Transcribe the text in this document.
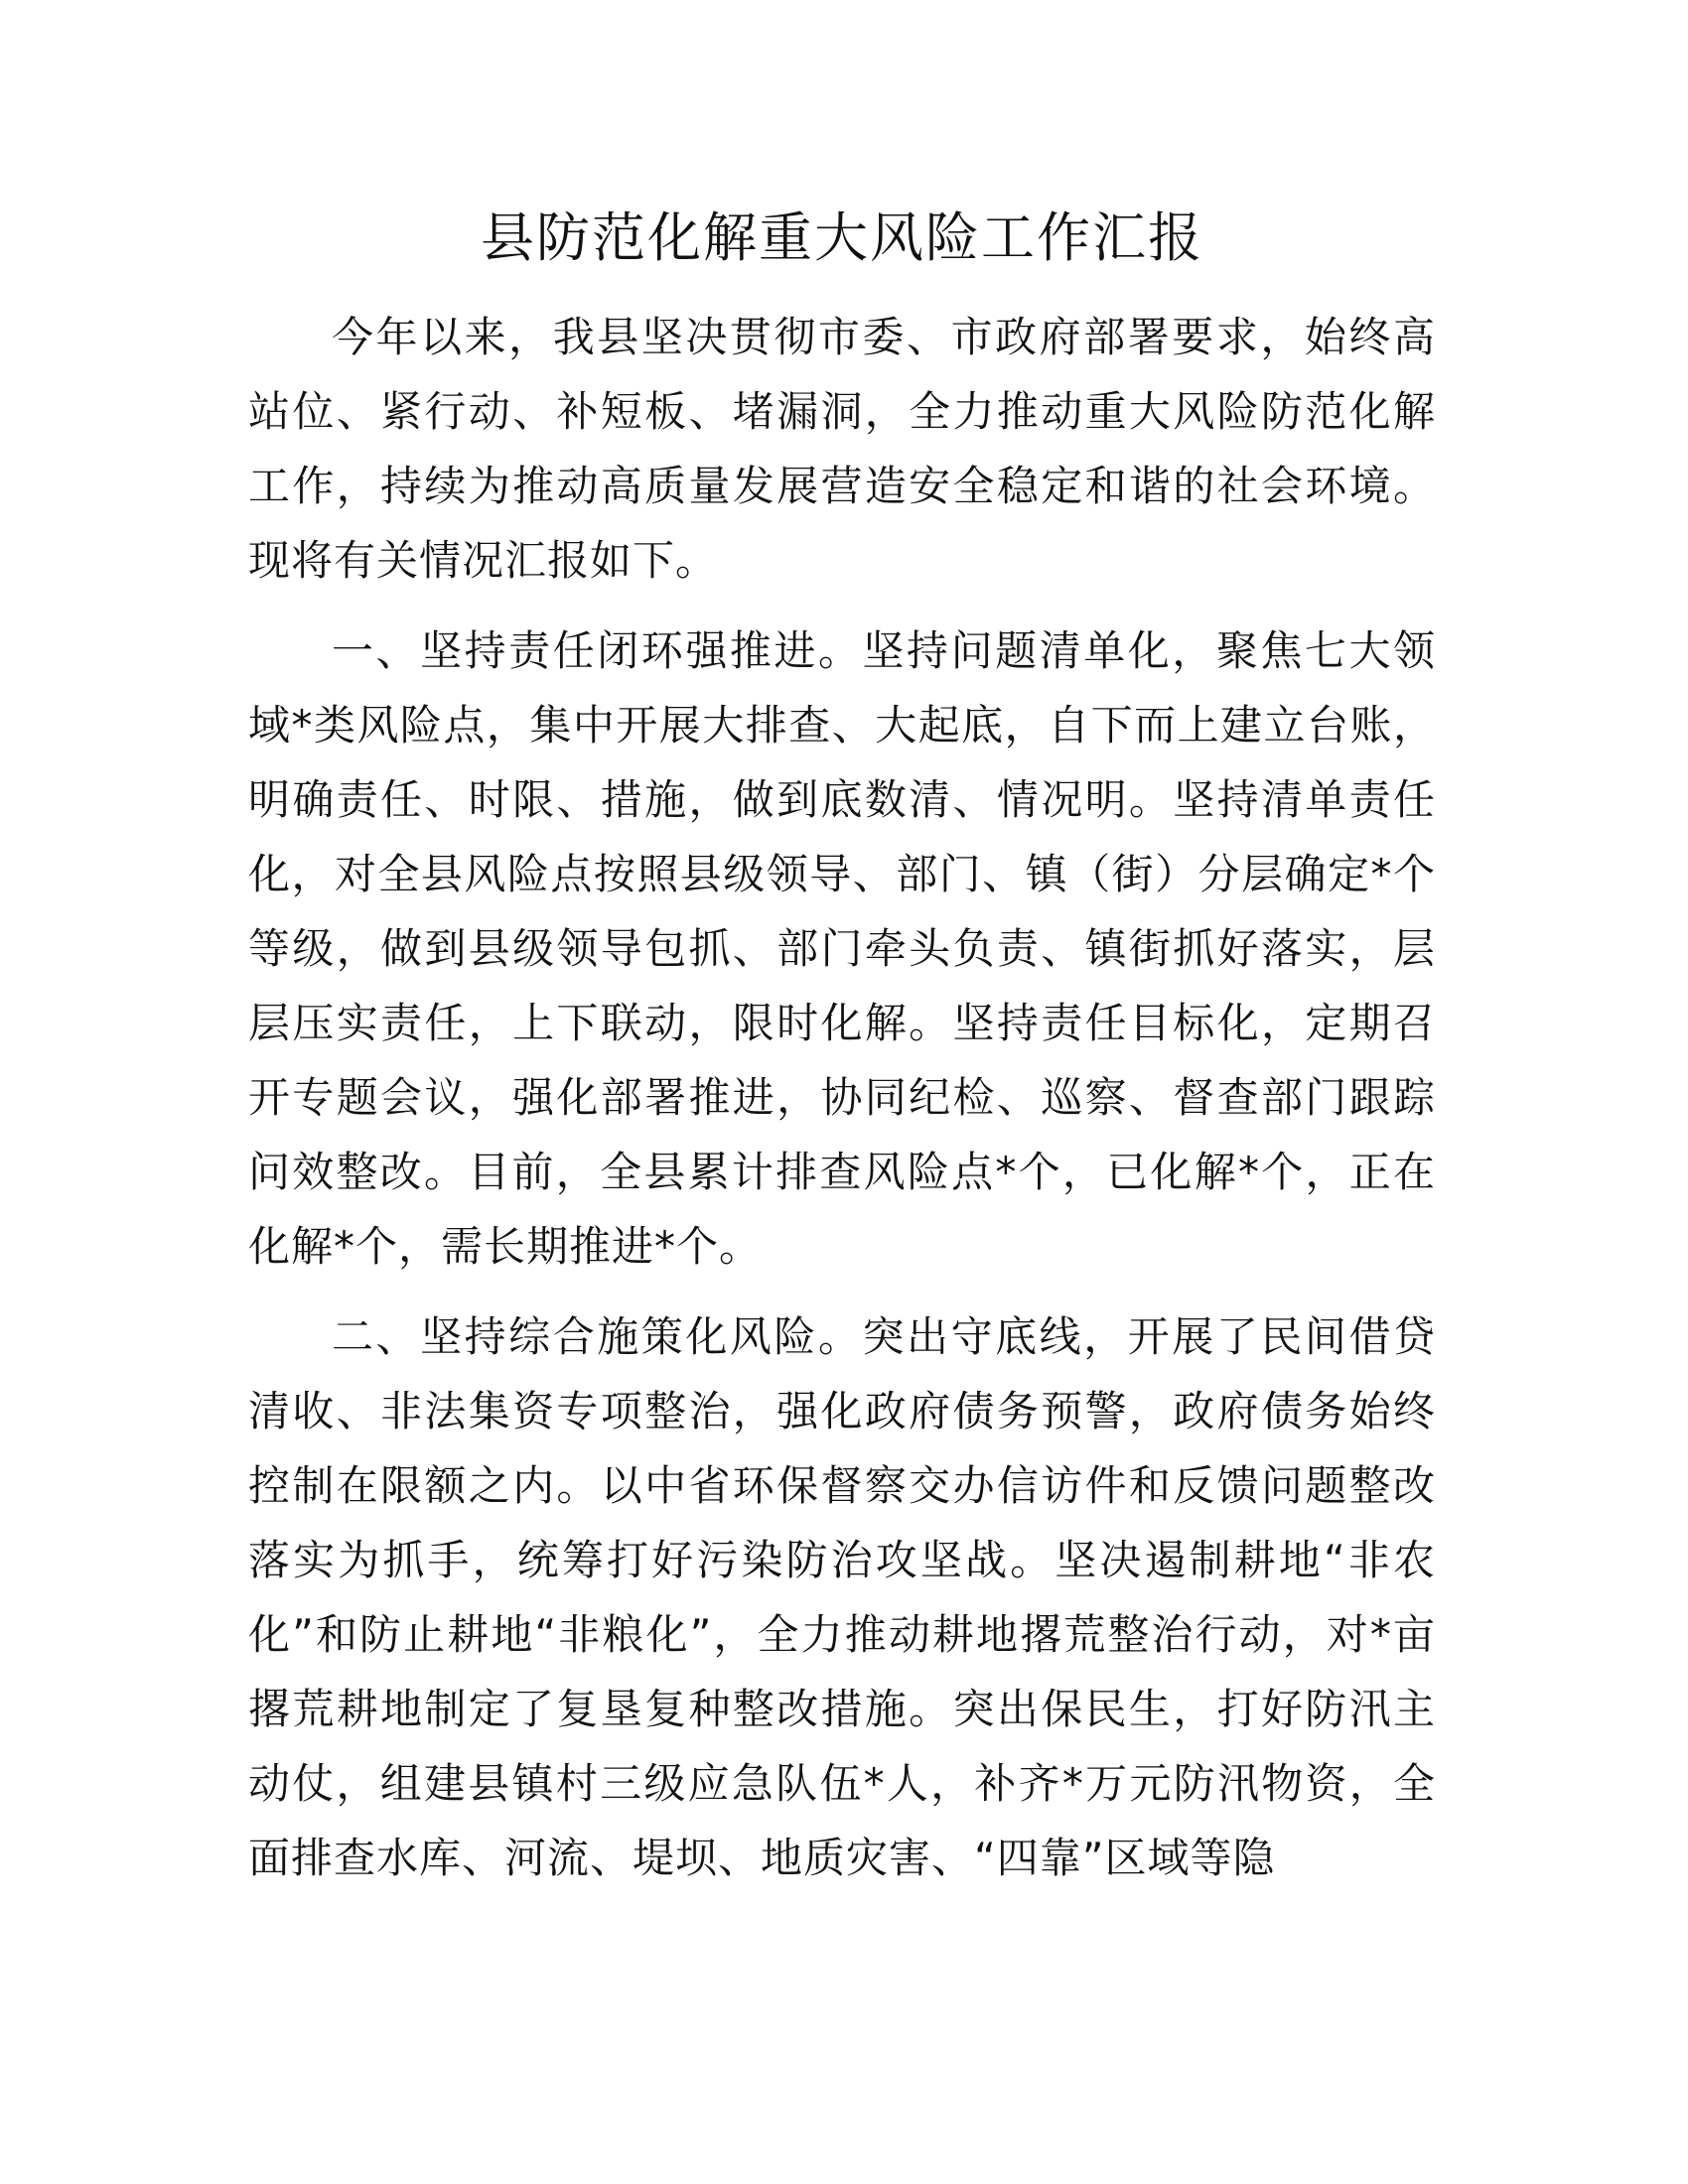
县防范化解重大风险工作汇报

今年以来，我县坚决贯彻市委、市政府部署要求，始终高站位、紧行动、补短板、堵漏洞，全力推动重大风险防范化解工作，持续为推动高质量发展营造安全稳定和谐的社会环境。现将有关情况汇报如下。

一、坚持责任闭环强推进。坚持问题清单化，聚焦七大领域*类风险点，集中开展大排查、大起底，自下而上建立台账，明确责任、时限、措施，做到底数清、情况明。坚持清单责任化，对全县风险点按照县级领导、部门、镇（街）分层确定*个等级，做到县级领导包抓、部门牵头负责、镇街抓好落实，层层压实责任，上下联动，限时化解。坚持责任目标化，定期召开专题会议，强化部署推进，协同纪检、巡察、督查部门跟踪问效整改。目前，全县累计排查风险点*个，已化解*个，正在化解*个，需长期推进*个。

二、坚持综合施策化风险。突出守底线，开展了民间借贷清收、非法集资专项整治，强化政府债务预警，政府债务始终控制在限额之内。以中省环保督察交办信访件和反馈问题整改落实为抓手，统筹打好污染防治攻坚战。坚决遏制耕地“非农化”和防止耕地“非粮化”，全力推动耕地撂荒整治行动，对*亩撂荒耕地制定了复垦复种整改措施。突出保民生，打好防汛主动仗，组建县镇村三级应急队伍*人，补齐*万元防汛物资，全面排查水库、河流、堤坝、地质灾害、“四靠”区域等隐
